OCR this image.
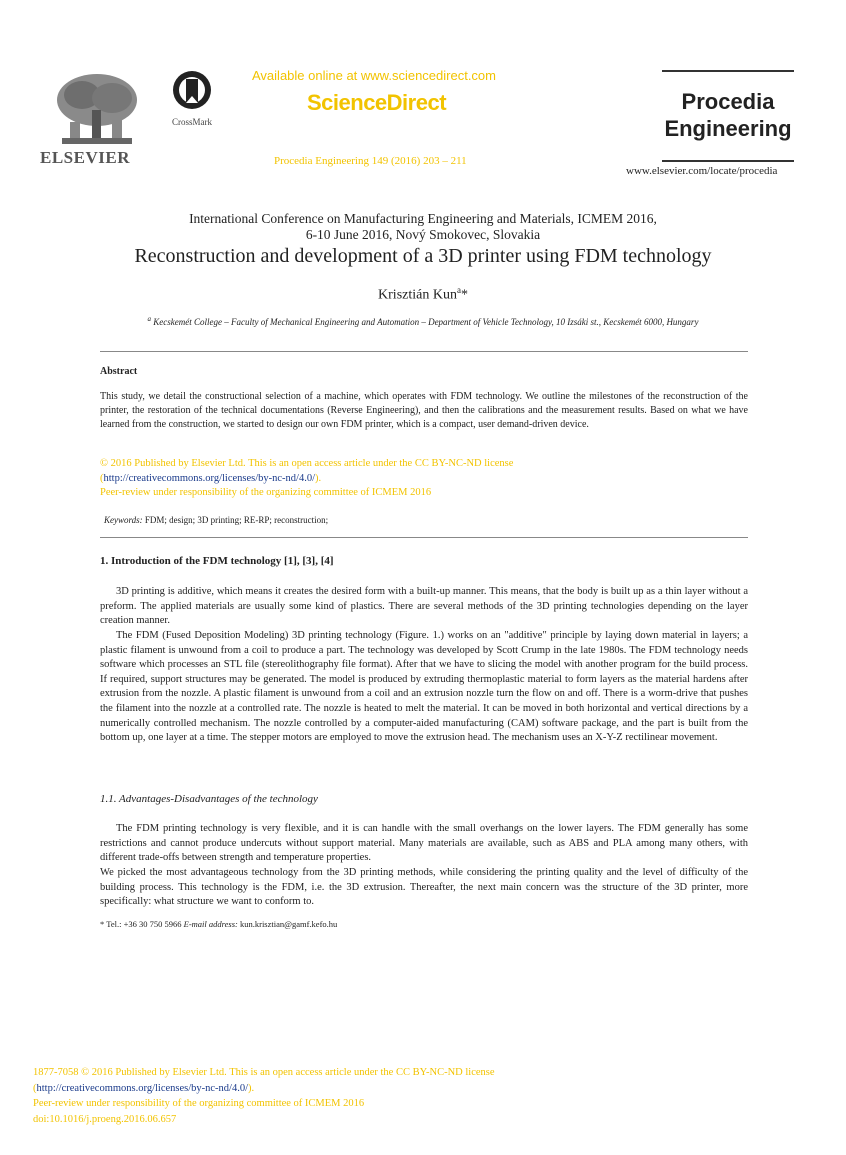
ELSEVIER
CrossMark
Available online at www.sciencedirect.com
ScienceDirect
Procedia Engineering 149 (2016) 203 – 211
Procedia
Engineering
www.elsevier.com/locate/procedia
International Conference on Manufacturing Engineering and Materials, ICMEM 2016,
6-10 June 2016, Nový Smokovec, Slovakia
Reconstruction and development of a 3D printer using FDM technology
Krisztián Kun$^a$*
$^a$ Kecskemét College – Faculty of Mechanical Engineering and Automation – Department of Vehicle Technology, 10 Izsáki st., Kecskemét 6000, Hungary
Abstract
This study, we detail the constructional selection of a machine, which operates with FDM technology. We outline the milestones of the reconstruction of the printer, the restoration of the technical documentations (Reverse Engineering), and then the calibrations and the measurement results. Based on what we have learned from the construction, we started to design our own FDM printer, which is a compact, user demand-driven device.
© 2016 Published by Elsevier Ltd. This is an open access article under the CC BY-NC-ND license
(http://creativecommons.org/licenses/by-nc-nd/4.0/).
Peer-review under responsibility of the organizing committee of ICMEM 2016
Keywords: FDM; design; 3D printing; RE-RP; reconstruction;
1. Introduction of the FDM technology [1], [3], [4]
3D printing is additive, which means it creates the desired form with a built-up manner. This means, that the body is built up as a thin layer without a preform. The applied materials are usually some kind of plastics. There are several methods of the 3D printing technologies depending on the layer creation manner.
The FDM (Fused Deposition Modeling) 3D printing technology (Figure. 1.) works on an "additive" principle by laying down material in layers; a plastic filament is unwound from a coil to produce a part. The technology was developed by Scott Crump in the late 1980s. The FDM technology needs software which processes an STL file (stereolithography file format). After that we have to slicing the model with another program for the build process. If required, support structures may be generated. The model is produced by extruding thermoplastic material to form layers as the material hardens after extrusion from the nozzle. A plastic filament is unwound from a coil and an extrusion nozzle turn the flow on and off. There is a worm-drive that pushes the filament into the nozzle at a controlled rate. The nozzle is heated to melt the material. It can be moved in both horizontal and vertical directions by a numerically controlled mechanism. The nozzle controlled by a computer-aided manufacturing (CAM) software package, and the part is built from the bottom up, one layer at a time. The stepper motors are employed to move the extrusion head. The mechanism uses an X-Y-Z rectilinear movement.
1.1. Advantages-Disadvantages of the technology
The FDM printing technology is very flexible, and it is can handle with the small overhangs on the lower layers. The FDM generally has some restrictions and cannot produce undercuts without support material. Many materials are available, such as ABS and PLA among many others, with different trade-offs between strength and temperature properties.
We picked the most advantageous technology from the 3D printing methods, while considering the printing quality and the level of difficulty of the building process. This technology is the FDM, i.e. the 3D extrusion. Thereafter, the next main concern was the structure of the 3D printer, more specifically: what structure we want to conform to.
* Tel.: +36 30 750 5966 E-mail address: kun.krisztian@gamf.kefo.hu
1877-7058 © 2016 Published by Elsevier Ltd. This is an open access article under the CC BY-NC-ND license
(http://creativecommons.org/licenses/by-nc-nd/4.0/).
Peer-review under responsibility of the organizing committee of ICMEM 2016
doi:10.1016/j.proeng.2016.06.657
